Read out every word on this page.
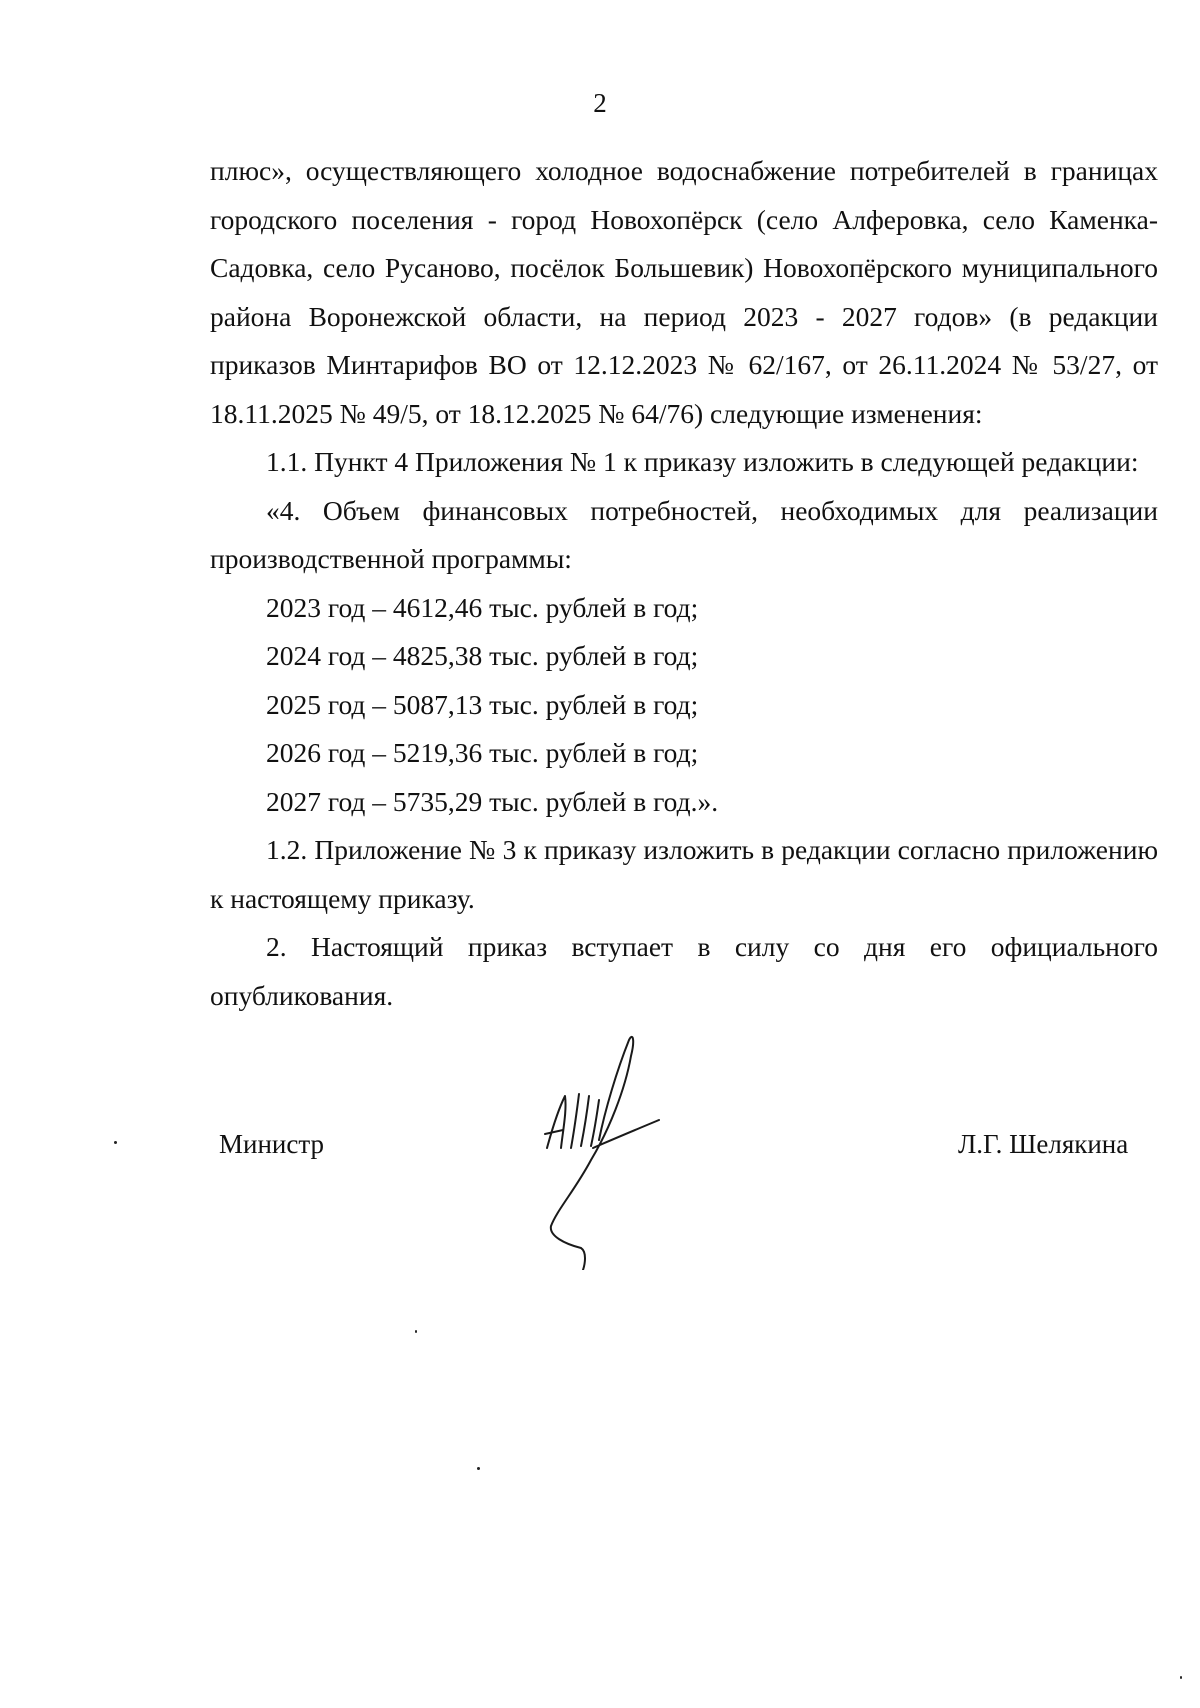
2

плюс», осуществляющего холодное водоснабжение потребителей в границах городского поселения - город Новохопёрск (село Алферовка, село Каменка-Садовка, село Русаново, посёлок Большевик) Новохопёрского муниципального района Воронежской области, на период 2023 - 2027 годов» (в редакции приказов Минтарифов ВО от 12.12.2023 № 62/167, от 26.11.2024 № 53/27, от 18.11.2025 № 49/5, от 18.12.2025 № 64/76) следующие изменения:

1.1. Пункт 4 Приложения № 1 к приказу изложить в следующей редакции:

«4. Объем финансовых потребностей, необходимых для реализации производственной программы:

2023 год – 4612,46 тыс. рублей в год;

2024 год – 4825,38 тыс. рублей в год;

2025 год – 5087,13 тыс. рублей в год;

2026 год – 5219,36 тыс. рублей в год;

2027 год – 5735,29 тыс. рублей в год.».

1.2. Приложение № 3 к приказу изложить в редакции согласно приложению к настоящему приказу.

2. Настоящий приказ вступает в силу со дня его официального опубликования.

Министр	Л.Г. Шелякина
